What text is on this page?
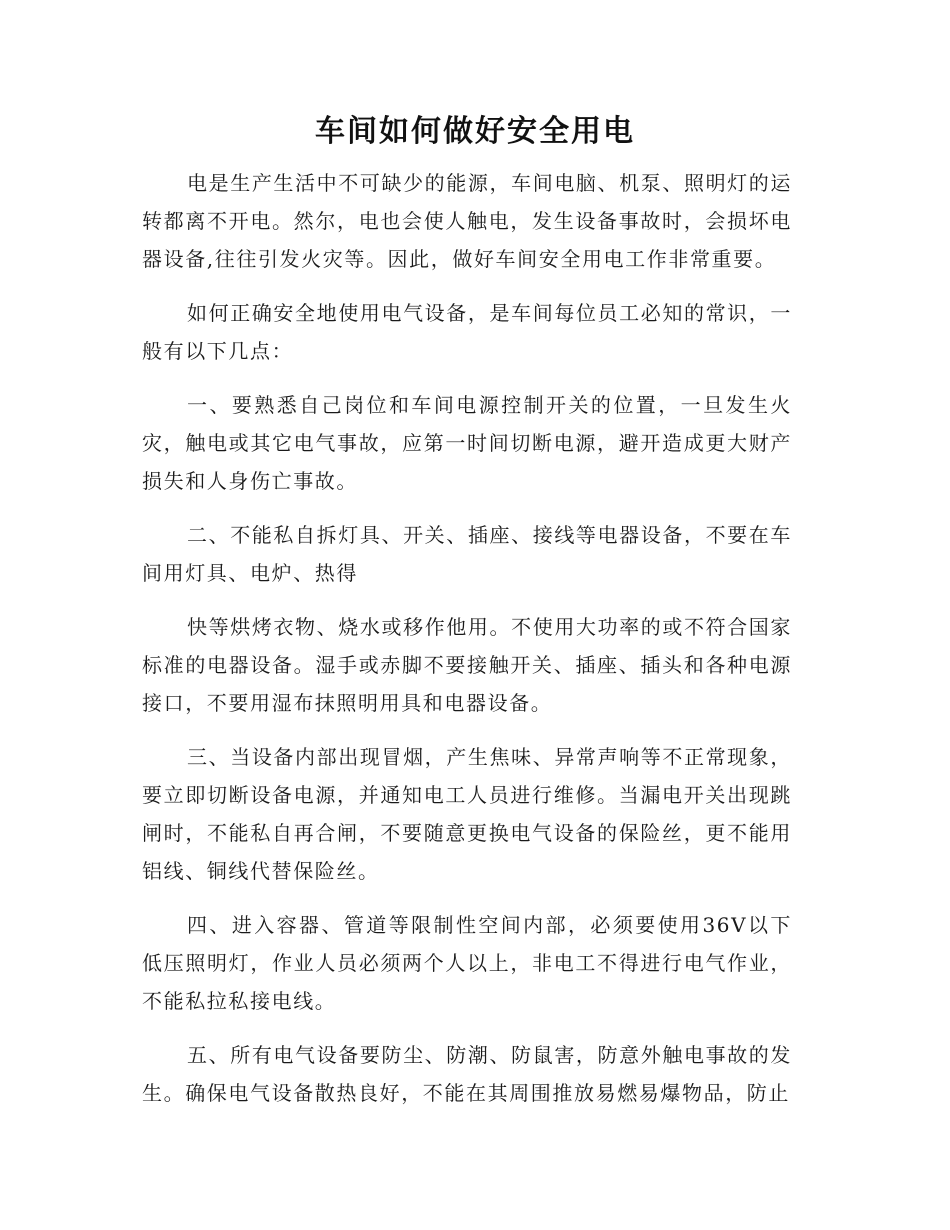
车间如何做好安全用电

电是生产生活中不可缺少的能源，车间电脑、机泵、照明灯的运转都离不开电。然尔，电也会使人触电，发生设备事故时，会损坏电器设备,往往引发火灾等。因此，做好车间安全用电工作非常重要。

如何正确安全地使用电气设备，是车间每位员工必知的常识，一般有以下几点：

一、要熟悉自己岗位和车间电源控制开关的位置，一旦发生火灾，触电或其它电气事故，应第一时间切断电源，避开造成更大财产损失和人身伤亡事故。

二、不能私自拆灯具、开关、插座、接线等电器设备，不要在车间用灯具、电炉、热得

快等烘烤衣物、烧水或移作他用。不使用大功率的或不符合国家标准的电器设备。湿手或赤脚不要接触开关、插座、插头和各种电源接口，不要用湿布抹照明用具和电器设备。

三、当设备内部出现冒烟，产生焦味、异常声响等不正常现象，要立即切断设备电源，并通知电工人员进行维修。当漏电开关出现跳闸时，不能私自再合闸，不要随意更换电气设备的保险丝，更不能用铝线、铜线代替保险丝。

四、进入容器、管道等限制性空间内部，必须要使用36V以下低压照明灯，作业人员必须两个人以上，非电工不得进行电气作业，不能私拉私接电线。

五、所有电气设备要防尘、防潮、防鼠害，防意外触电事故的发生。确保电气设备散热良好，不能在其周围推放易燃易爆物品，防止
